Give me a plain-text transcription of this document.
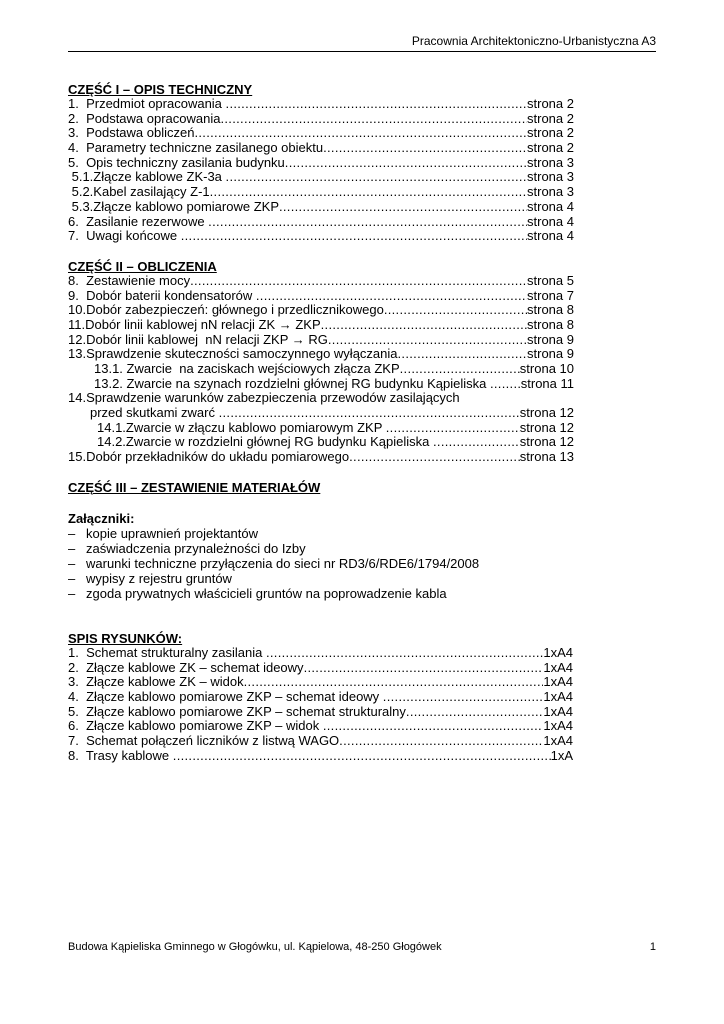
Pracownia Architektoniczno-Urbanistyczna A3
CZĘŚĆ I – OPIS TECHNICZNY
1.  Przedmiot opracowania .....	strona 2
2.  Podstawa opracowania .....	strona 2
3.  Podstawa obliczeń .....	strona 2
4.  Parametry techniczne zasilanego obiektu .....	strona 2
5.  Opis techniczny zasilania budynku .....	strona 3
5.1.Złącze kablowe ZK-3a .....	strona 3
5.2.Kabel zasilający Z-1 .....	strona 3
5.3.Złącze kablowo pomiarowe ZKP .....	strona 4
6.  Zasilanie rezerwowe .....	strona 4
7.  Uwagi końcowe .....	strona 4
CZĘŚĆ II – OBLICZENIA
8.  Zestawienie mocy .....	strona 5
9.  Dobór baterii kondensatorów .....	strona 7
10.Dobór zabezpieczeń: głównego i przedlicznikowego .....	strona 8
11.Dobór linii kablowej nN relacji ZK → ZKP .....	strona 8
12.Dobór linii kablowej  nN relacji ZKP → RG .....	strona 9
13.Sprawdzenie skuteczności samoczynnego wyłączania .....	strona 9
13.1. Zwarcie  na zaciskach wejściowych złącza ZKP .....	strona 10
13.2. Zwarcie na szynach rozdzielni głównej RG budynku Kąpieliska ..... strona 11
14.Sprawdzenie warunków zabezpieczenia przewodów zasilających
przed skutkami zwarć .....	strona 12
14.1.Zwarcie w złączu kablowo pomiarowym ZKP .....	strona 12
14.2.Zwarcie w rozdzielni głównej RG budynku Kąpieliska .....	strona 12
15.Dobór przekładników do układu pomiarowego .....	strona 13
CZĘŚĆ III – ZESTAWIENIE MATERIAŁÓW
Załączniki:
– kopie uprawnień projektantów
– zaświadczenia przynależności do Izby
– warunki techniczne przyłączenia do sieci nr RD3/6/RDE6/1794/2008
– wypisy z rejestru gruntów
– zgoda prywatnych właścicieli gruntów na poprowadzenie kabla
SPIS RYSUNKÓW:
1.  Schemat strukturalny zasilania .....	1xA4
2.  Złącze kablowe ZK – schemat ideowy .....	1xA4
3.  Złącze kablowe ZK – widok .....	1xA4
4.  Złącze kablowo pomiarowe ZKP – schemat ideowy .....	1xA4
5.  Złącze kablowo pomiarowe ZKP – schemat strukturalny .....	1xA4
6.  Złącze kablowo pomiarowe ZKP – widok .....	1xA4
7.  Schemat połączeń liczników z listwą WAGO .....	1xA4
8.  Trasy kablowe .....	1xA
Budowa Kąpieliska Gminnego w Głogówku, ul. Kąpielowa, 48-250 Głogówek	1
